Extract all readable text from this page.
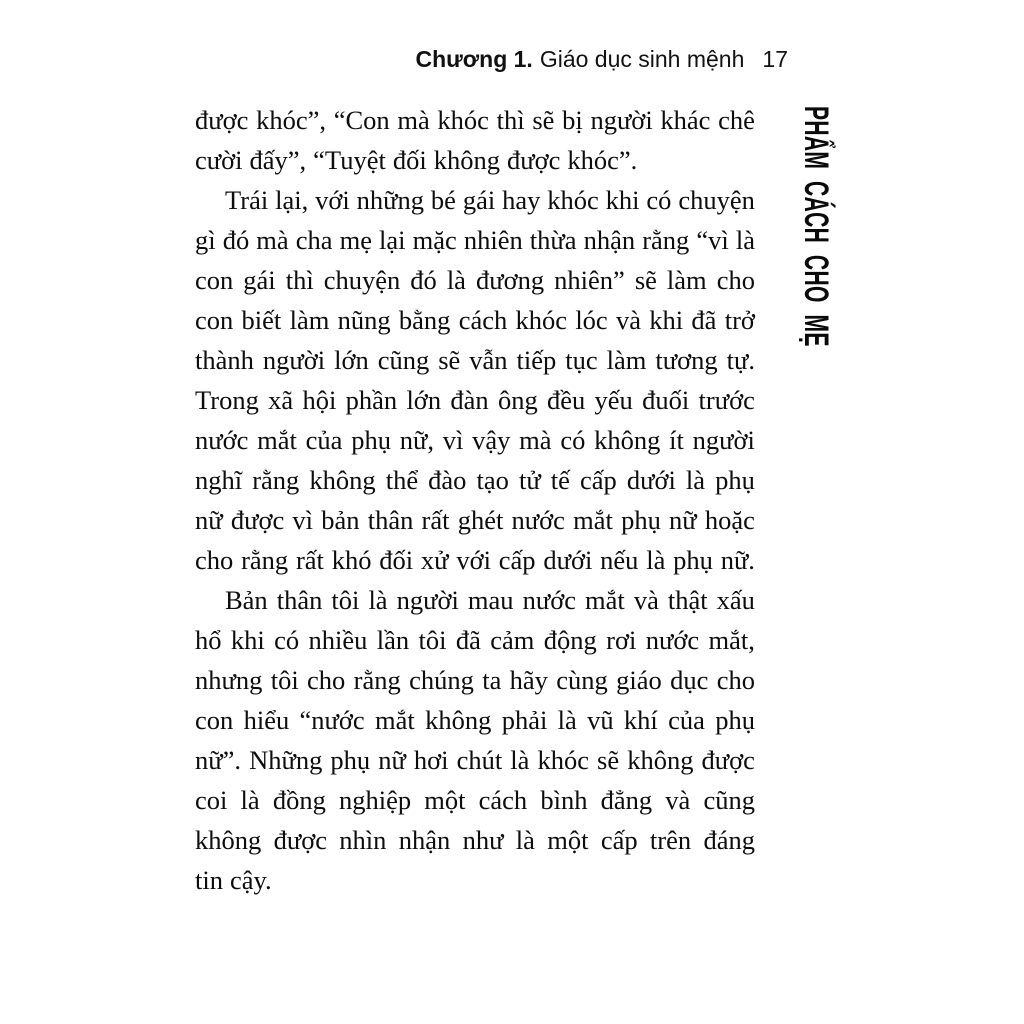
Chương 1. Giáo dục sinh mệnh 17
PHẨM CÁCH CHO MẸ
được khóc”, “Con mà khóc thì sẽ bị người khác chê
cười đấy”, “Tuyệt đối không được khóc”.
Trái lại, với những bé gái hay khóc khi có chuyện
gì đó mà cha mẹ lại mặc nhiên thừa nhận rằng “vì là
con gái thì chuyện đó là đương nhiên” sẽ làm cho
con biết làm nũng bằng cách khóc lóc và khi đã trở
thành người lớn cũng sẽ vẫn tiếp tục làm tương tự.
Trong xã hội phần lớn đàn ông đều yếu đuối trước
nước mắt của phụ nữ, vì vậy mà có không ít người
nghĩ rằng không thể đào tạo tử tế cấp dưới là phụ
nữ được vì bản thân rất ghét nước mắt phụ nữ hoặc
cho rằng rất khó đối xử với cấp dưới nếu là phụ nữ.
Bản thân tôi là người mau nước mắt và thật xấu
hổ khi có nhiều lần tôi đã cảm động rơi nước mắt,
nhưng tôi cho rằng chúng ta hãy cùng giáo dục cho
con hiểu “nước mắt không phải là vũ khí của phụ
nữ”. Những phụ nữ hơi chút là khóc sẽ không được
coi là đồng nghiệp một cách bình đẳng và cũng
không được nhìn nhận như là một cấp trên đáng
tin cậy.
